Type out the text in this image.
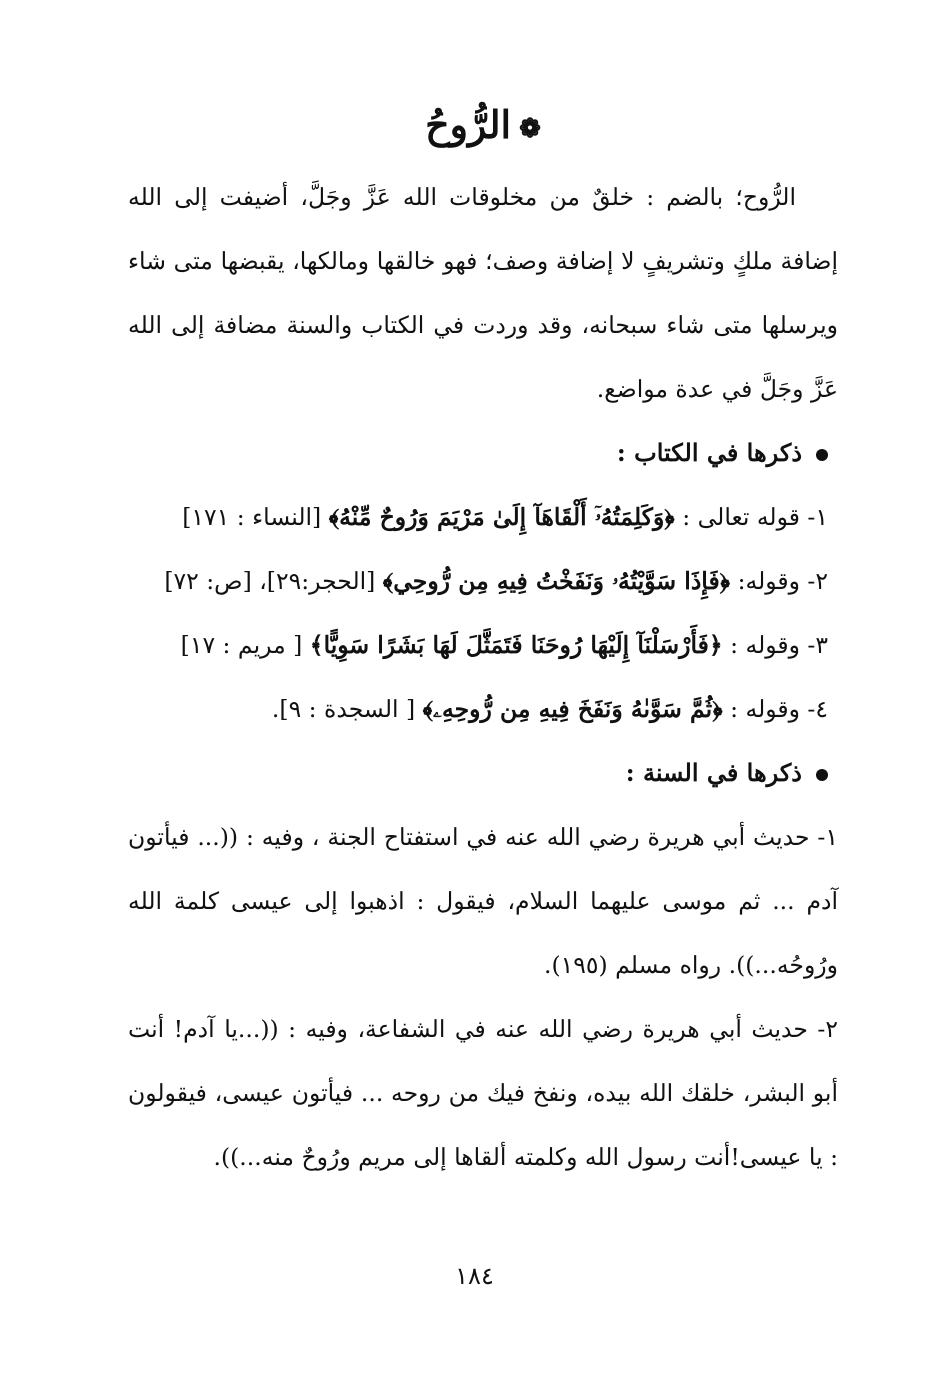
❁الرُّوحُ

الرُّوح؛ بالضم : خلقٌ من مخلوقات الله عَزَّ وجَلَّ، أضيفت إلى الله إضافة ملكٍ وتشريفٍ لا إضافة وصف؛ فهو خالقها ومالكها، يقبضها متى شاء ويرسلها متى شاء سبحانه، وقد وردت في الكتاب والسنة مضافة إلى الله عَزَّ وجَلَّ في عدة مواضع.

ذكرها في الكتاب :

١- قوله تعالى : ﴿وَكَلِمَتُهُۥٓ أَلْقَاهَآ إِلَىٰ مَرْيَمَ وَرُوحٌ مِّنْهُ﴾ [النساء : ١٧١]

٢- وقوله: ﴿فَإِذَا سَوَّيْتُهُۥ وَنَفَخْتُ فِيهِ مِن رُّوحِي﴾ [الحجر:٢٩]، [ص: ٧٢]

٣- وقوله : ﴿فَأَرْسَلْنَآ إِلَيْهَا رُوحَنَا فَتَمَثَّلَ لَهَا بَشَرًا سَوِيًّا﴾ [ مريم : ١٧]

٤- وقوله : ﴿ثُمَّ سَوَّىٰهُ وَنَفَخَ فِيهِ مِن رُّوحِهِۦ﴾ [ السجدة : ٩].

ذكرها في السنة :

١- حديث أبي هريرة رضي الله عنه في استفتاح الجنة ، وفيه : ((... فيأتون آدم ... ثم موسى عليهما السلام، فيقول : اذهبوا إلى عيسى كلمة الله ورُوحُه...)). رواه مسلم (١٩٥).

٢- حديث أبي هريرة رضي الله عنه في الشفاعة، وفيه : ((...يا آدم! أنت أبو البشر، خلقك الله بيده، ونفخ فيك من روحه ... فيأتون عيسى، فيقولون : يا عيسى!أنت رسول الله وكلمته ألقاها إلى مريم ورُوحٌ منه...)).

١٨٤
